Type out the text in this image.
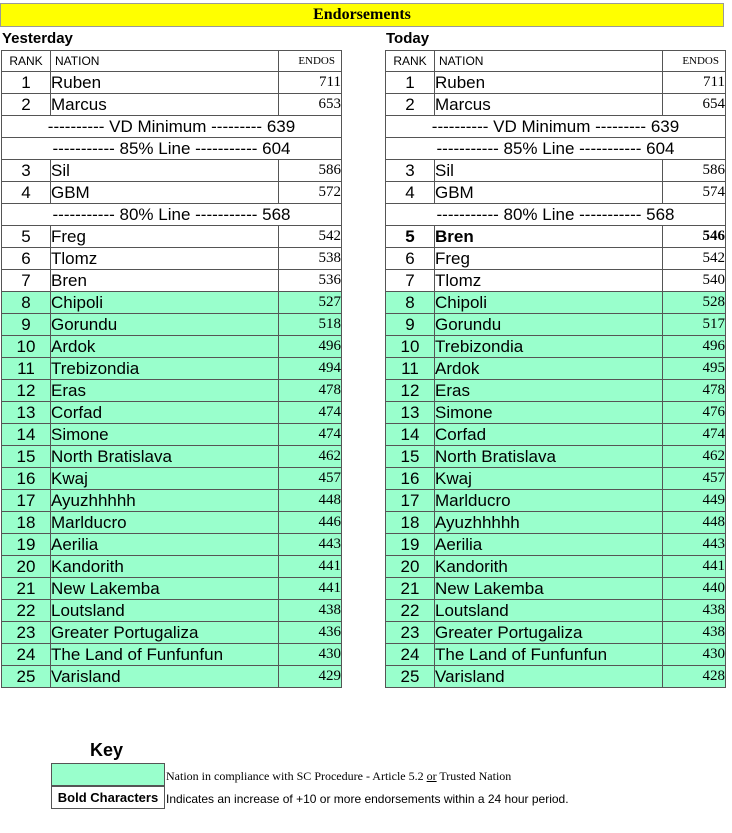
Endorsements
Yesterday	Today
RANK	NATION	ENDOS
1	Ruben	711
2	Marcus	653
---------- VD Minimum --------- 639		
----------- 85% Line ----------- 604		
3	Sil	586
4	GBM	572
----------- 80% Line ----------- 568		
5	Freg	542
6	Tlomz	538
7	Bren	536
8	Chipoli	527
9	Gorundu	518
10	Ardok	496
11	Trebizondia	494
12	Eras	478
13	Corfad	474
14	Simone	474
15	North Bratislava	462
16	Kwaj	457
17	Ayuzhhhhh	448
18	Marlducro	446
19	Aerilia	443
20	Kandorith	441
21	New Lakemba	441
22	Loutsland	438
23	Greater Portugaliza	436
24	The Land of Funfunfun	430
25	Varisland	429
RANK	NATION	ENDOS
1	Ruben	711
2	Marcus	654
---------- VD Minimum --------- 639		
----------- 85% Line ----------- 604		
3	Sil	586
4	GBM	574
----------- 80% Line ----------- 568		
5	Bren	546
6	Freg	542
7	Tlomz	540
8	Chipoli	528
9	Gorundu	517
10	Trebizondia	496
11	Ardok	495
12	Eras	478
13	Simone	476
14	Corfad	474
15	North Bratislava	462
16	Kwaj	457
17	Marlducro	449
18	Ayuzhhhhh	448
19	Aerilia	443
20	Kandorith	441
21	New Lakemba	440
22	Loutsland	438
23	Greater Portugaliza	438
24	The Land of Funfunfun	430
25	Varisland	428
Key
Nation in compliance with SC Procedure - Article 5.2 or Trusted Nation
Bold Characters Indicates an increase of +10 or more endorsements within a 24 hour period.
